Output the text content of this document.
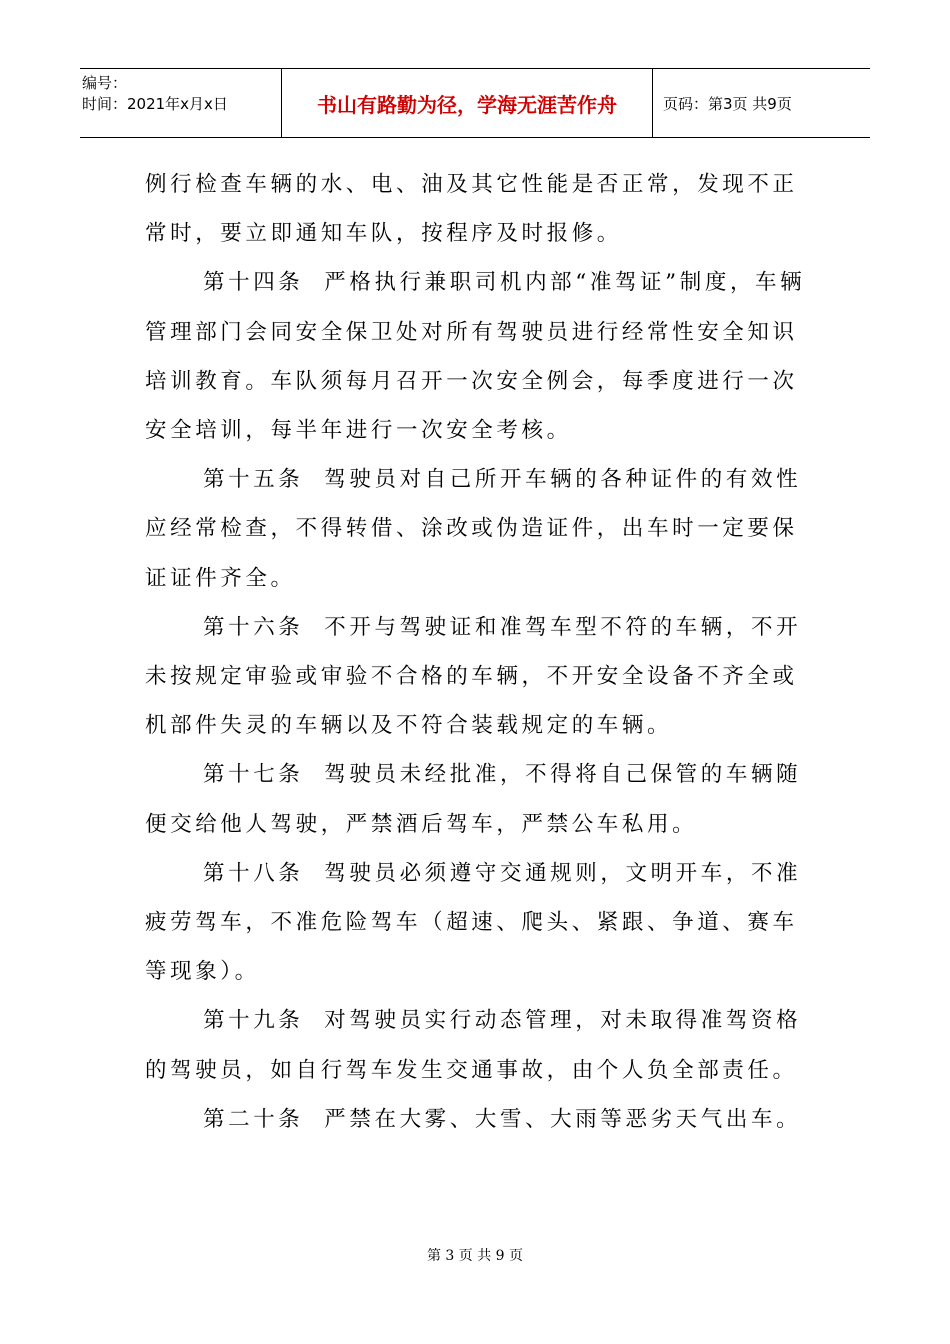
编号：
时间：2021年x月x日	书山有路勤为径，学海无涯苦作舟	页码：第3页 共9页

例行检查车辆的水、电、油及其它性能是否正常，发现不正常时，要立即通知车队，按程序及时报修。

第十四条  严格执行兼职司机内部“准驾证”制度，车辆管理部门会同安全保卫处对所有驾驶员进行经常性安全知识培训教育。车队须每月召开一次安全例会，每季度进行一次安全培训，每半年进行一次安全考核。

第十五条  驾驶员对自己所开车辆的各种证件的有效性应经常检查，不得转借、涂改或伪造证件，出车时一定要保证证件齐全。

第十六条  不开与驾驶证和准驾车型不符的车辆，不开未按规定审验或审验不合格的车辆，不开安全设备不齐全或机部件失灵的车辆以及不符合装载规定的车辆。

第十七条  驾驶员未经批准，不得将自己保管的车辆随便交给他人驾驶，严禁酒后驾车，严禁公车私用。

第十八条  驾驶员必须遵守交通规则，文明开车，不准疲劳驾车，不准危险驾车（超速、爬头、紧跟、争道、赛车等现象）。

第十九条  对驾驶员实行动态管理，对未取得准驾资格的驾驶员，如自行驾车发生交通事故，由个人负全部责任。

第二十条  严禁在大雾、大雪、大雨等恶劣天气出车。

第 3 页 共 9 页
